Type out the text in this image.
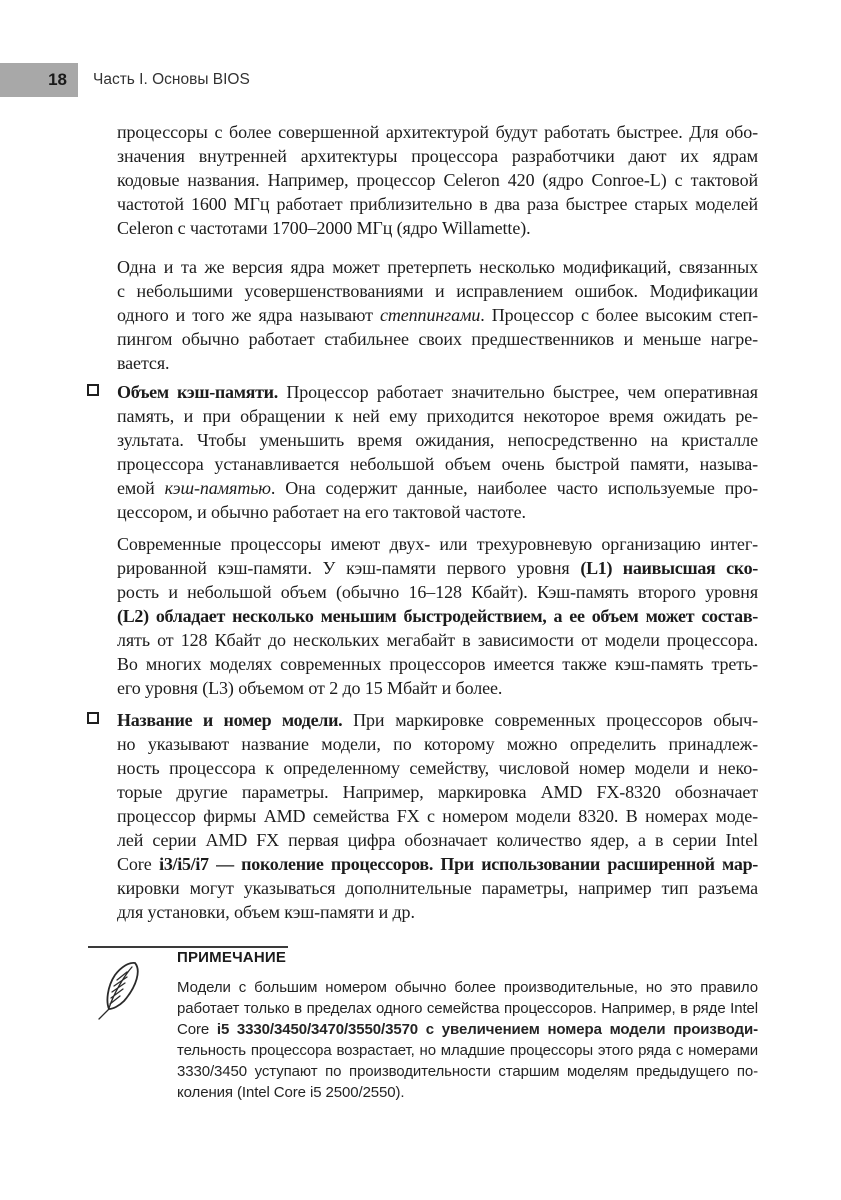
18 Часть I. Основы BIOS
процессоры с более совершенной архитектурой будут работать быстрее. Для обо-
значения внутренней архитектуры процессора разработчики дают их ядрам
кодовые названия. Например, процессор Celeron 420 (ядро Conroe-L) с тактовой
частотой 1600 МГц работает приблизительно в два раза быстрее старых моделей
Celeron с частотами 1700–2000 МГц (ядро Willamette).
Одна и та же версия ядра может претерпеть несколько модификаций, связанных
с небольшими усовершенствованиями и исправлением ошибок. Модификации
одного и того же ядра называют степпингами. Процессор с более высоким степ-
пингом обычно работает стабильнее своих предшественников и меньше нагре-
вается.
Объем кэш-памяти. Процессор работает значительно быстрее, чем оперативная
память, и при обращении к ней ему приходится некоторое время ожидать ре-
зультата. Чтобы уменьшить время ожидания, непосредственно на кристалле
процессора устанавливается небольшой объем очень быстрой памяти, называ-
емой кэш-памятью. Она содержит данные, наиболее часто используемые про-
цессором, и обычно работает на его тактовой частоте.
Современные процессоры имеют двух- или трехуровневую организацию интег-
рированной кэш-памяти. У кэш-памяти первого уровня (L1) наивысшая ско-
рость и небольшой объем (обычно 16–128 Кбайт). Кэш-память второго уровня
(L2) обладает несколько меньшим быстродействием, а ее объем может состав-
лять от 128 Кбайт до нескольких мегабайт в зависимости от модели процессора.
Во многих моделях современных процессоров имеется также кэш-память треть-
его уровня (L3) объемом от 2 до 15 Мбайт и более.
Название и номер модели. При маркировке современных процессоров обыч-
но указывают название модели, по которому можно определить принадлеж-
ность процессора к определенному семейству, числовой номер модели и неко-
торые другие параметры. Например, маркировка AMD FX-8320 обозначает
процессор фирмы AMD семейства FX с номером модели 8320. В номерах моде-
лей серии AMD FX первая цифра обозначает количество ядер, а в серии Intel
Core i3/i5/i7 — поколение процессоров. При использовании расширенной мар-
кировки могут указываться дополнительные параметры, например тип разъема
для установки, объем кэш-памяти и др.
ПРИМЕЧАНИЕ
Модели с большим номером обычно более производительные, но это правило
работает только в пределах одного семейства процессоров. Например, в ряде Intel
Core i5 3330/3450/3470/3550/3570 с увеличением номера модели производи-
тельность процессора возрастает, но младшие процессоры этого ряда с номерами
3330/3450 уступают по производительности старшим моделям предыдущего по-
коления (Intel Core i5 2500/2550).
